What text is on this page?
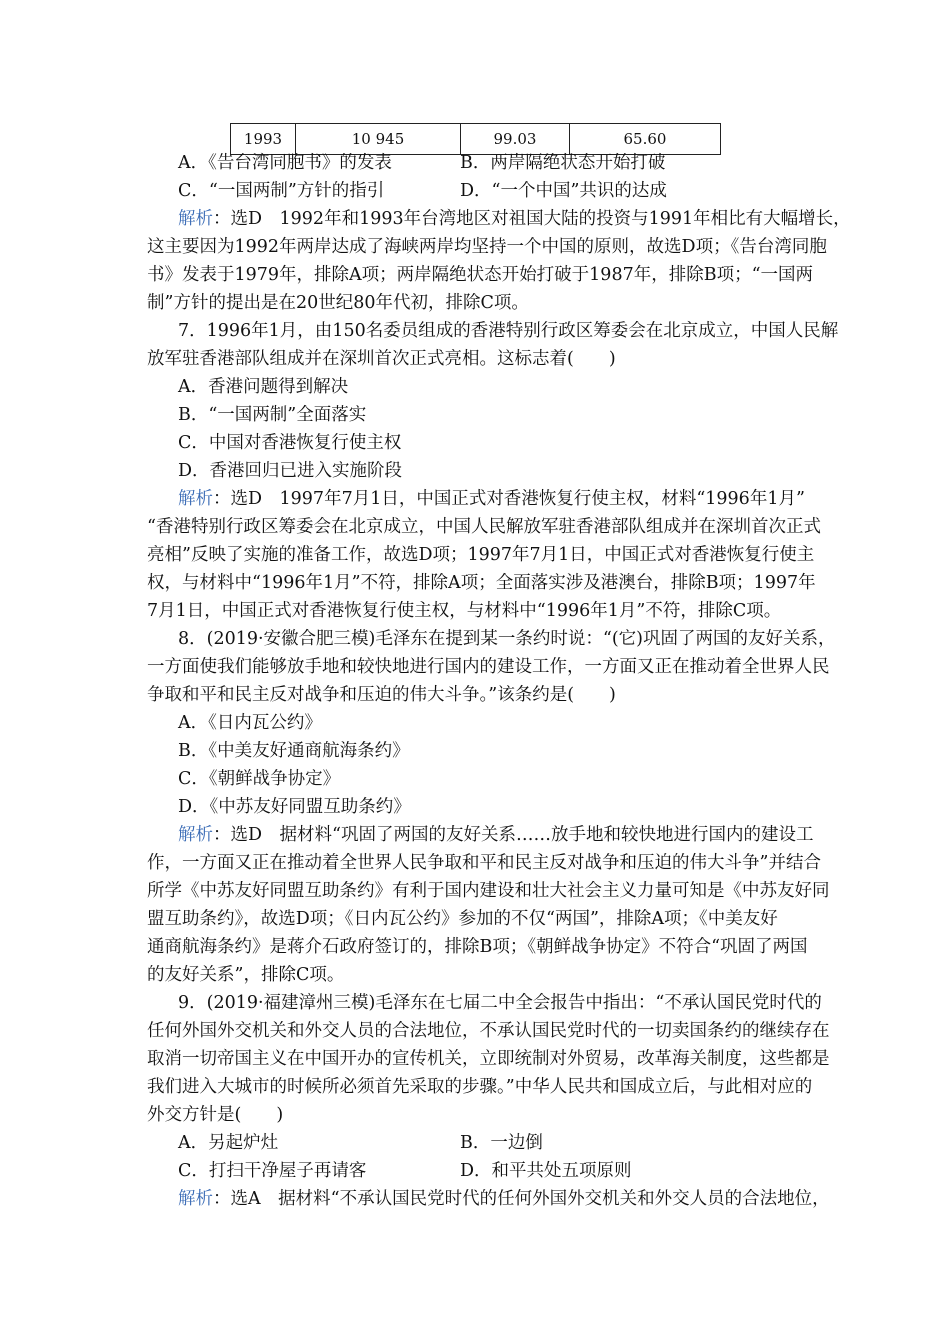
1993	10 945	99.03	65.60
A．《告台湾同胞书》的发表	B．两岸隔绝状态开始打破
C．“一国两制”方针的指引	D．“一个中国”共识的达成
解析：选D　1992年和1993年台湾地区对祖国大陆的投资与1991年相比有大幅增长，
这主要因为1992年两岸达成了海峡两岸均坚持一个中国的原则，故选D项；《告台湾同胞
书》发表于1979年，排除A项；两岸隔绝状态开始打破于1987年，排除B项；“一国两
制”方针的提出是在20世纪80年代初，排除C项。
7．1996年1月，由150名委员组成的香港特别行政区筹委会在北京成立，中国人民解
放军驻香港部队组成并在深圳首次正式亮相。这标志着(　　)
A．香港问题得到解决
B．“一国两制”全面落实
C．中国对香港恢复行使主权
D．香港回归已进入实施阶段
解析：选D　1997年7月1日，中国正式对香港恢复行使主权，材料“1996年1月”
“香港特别行政区筹委会在北京成立，中国人民解放军驻香港部队组成并在深圳首次正式
亮相”反映了实施的准备工作，故选D项；1997年7月1日，中国正式对香港恢复行使主
权，与材料中“1996年1月”不符，排除A项；全面落实涉及港澳台，排除B项；1997年
7月1日，中国正式对香港恢复行使主权，与材料中“1996年1月”不符，排除C项。
8．(2019·安徽合肥三模)毛泽东在提到某一条约时说：“(它)巩固了两国的友好关系，
一方面使我们能够放手地和较快地进行国内的建设工作，一方面又正在推动着全世界人民
争取和平和民主反对战争和压迫的伟大斗争。”该条约是(　　)
A．《日内瓦公约》
B．《中美友好通商航海条约》
C．《朝鲜战争协定》
D．《中苏友好同盟互助条约》
解析：选D　据材料“巩固了两国的友好关系……放手地和较快地进行国内的建设工
作，一方面又正在推动着全世界人民争取和平和民主反对战争和压迫的伟大斗争”并结合
所学《中苏友好同盟互助条约》有利于国内建设和壮大社会主义力量可知是《中苏友好同
盟互助条约》，故选D项；《日内瓦公约》参加的不仅“两国”，排除A项；《中美友好
通商航海条约》是蒋介石政府签订的，排除B项；《朝鲜战争协定》不符合“巩固了两国
的友好关系”，排除C项。
9．(2019·福建漳州三模)毛泽东在七届二中全会报告中指出：“不承认国民党时代的
任何外国外交机关和外交人员的合法地位，不承认国民党时代的一切卖国条约的继续存在
取消一切帝国主义在中国开办的宣传机关，立即统制对外贸易，改革海关制度，这些都是
我们进入大城市的时候所必须首先采取的步骤。”中华人民共和国成立后，与此相对应的
外交方针是(　　)
A．另起炉灶	B．一边倒
C．打扫干净屋子再请客	D．和平共处五项原则
解析：选A　据材料“不承认国民党时代的任何外国外交机关和外交人员的合法地位，
